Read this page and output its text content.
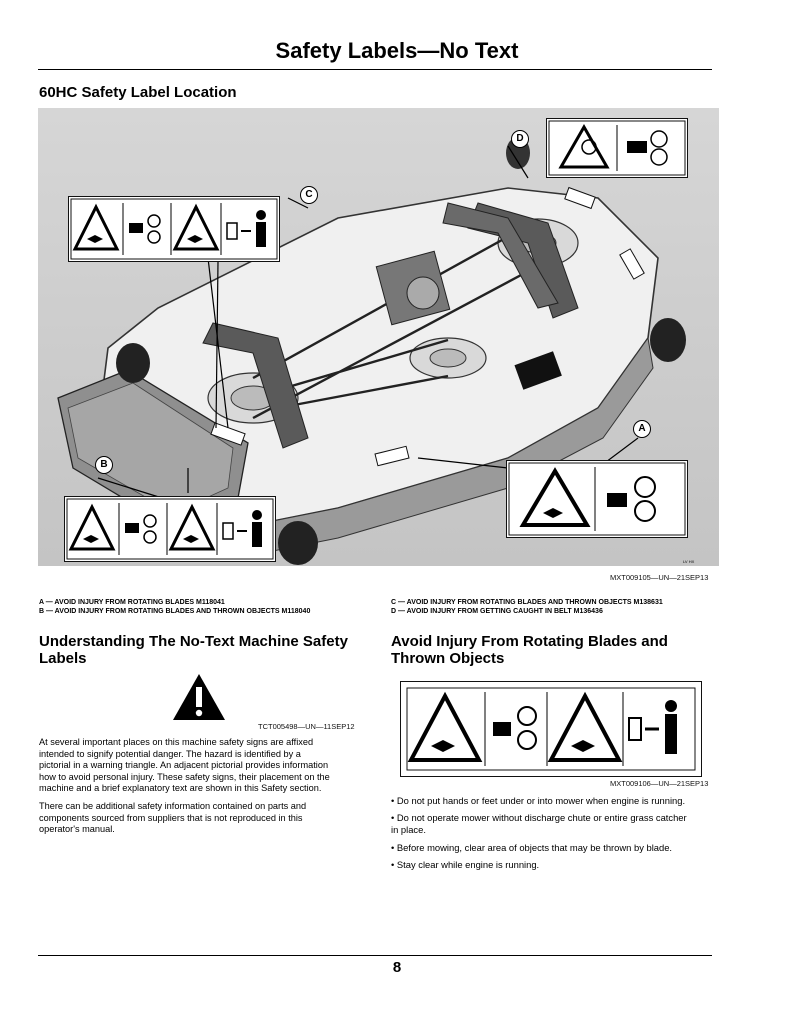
Safety Labels—No Text
60HC Safety Label Location
LV HX
C
D
B
A
MXT009105—UN—21SEP13
A — AVOID INJURY FROM ROTATING BLADES M118041
B — AVOID INJURY FROM ROTATING BLADES AND THROWN OBJECTS M118040
C — AVOID INJURY FROM ROTATING BLADES AND THROWN OBJECTS M138631
D — AVOID INJURY FROM GETTING CAUGHT IN BELT M136436
Understanding The No-Text Machine Safety
Labels
TCT005498—UN—11SEP12
At several important places on this machine safety signs are affixed
intended to signify potential danger. The hazard is identified by a
pictorial in a warning triangle. An adjacent pictorial provides information
how to avoid personal injury. These safety signs, their placement on the
machine and a brief explanatory text are shown in this Safety section.
There can be additional safety information contained on parts and
components sourced from suppliers that is not reproduced in this
operator's manual.
Avoid Injury From Rotating Blades and
Thrown Objects
MXT009106—UN—21SEP13
• Do not put hands or feet under or into mower when engine is running.
• Do not operate mower without discharge chute or entire grass catcher
in place.
• Before mowing, clear area of objects that may be thrown by blade.
• Stay clear while engine is running.
8
